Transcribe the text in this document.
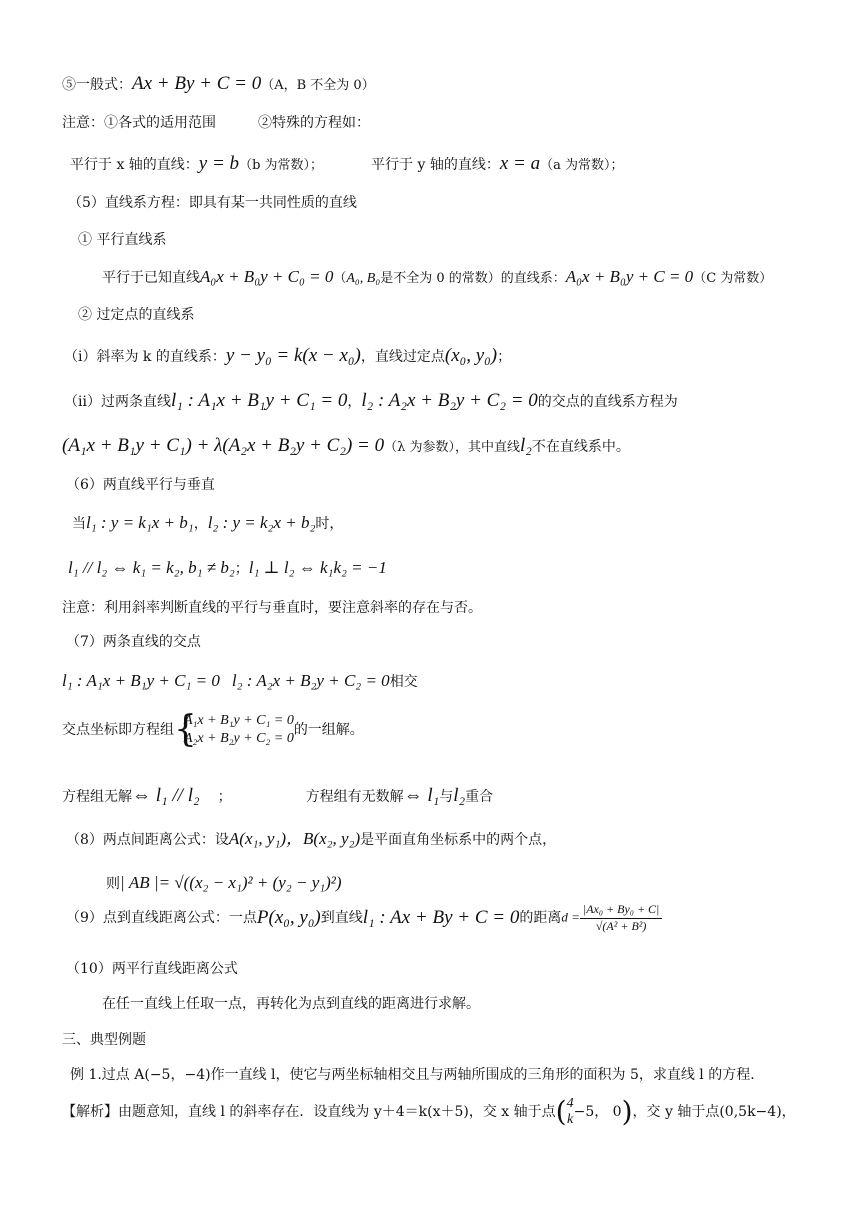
⑤一般式：Ax + By + C = 0（A，B 不全为 0）
注意：①各式的适用范围	②特殊的方程如：
平行于 x 轴的直线：y = b（b 为常数）；	平行于 y 轴的直线：x = a（a 为常数）；
（5）直线系方程：即具有某一共同性质的直线
① 平行直线系
平行于已知直线A₀x + B₀y + C₀ = 0（A₀, B₀是不全为 0 的常数）的直线系：A₀x + B₀y + C = 0（C 为常数）
② 过定点的直线系
（ⅰ）斜率为 k 的直线系：y − y₀ = k(x − x₀)，直线过定点(x₀, y₀)；
（ⅱ）过两条直线l₁ : A₁x + B₁y + C₁ = 0，l₂ : A₂x + B₂y + C₂ = 0的交点的直线系方程为
(A₁x + B₁y + C₁) + λ(A₂x + B₂y + C₂) = 0（λ 为参数），其中直线l₂不在直线系中。
（6）两直线平行与垂直
当l₁ : y = k₁x + b₁，l₂ : y = k₂x + b₂时，
l₁ // l₂ ⇔ k₁ = k₂, b₁ ≠ b₂；l₁ ⊥ l₂ ⇔ k₁k₂ = −1
注意：利用斜率判断直线的平行与垂直时，要注意斜率的存在与否。
（7）两条直线的交点
l₁ : A₁x + B₁y + C₁ = 0 l₂ : A₂x + B₂y + C₂ = 0相交
交点坐标即方程组 {
A₁x + B₁y + C₁ = 0
A₂x + B₂y + C₂ = 0
的一组解。
方程组无解⇔ l₁ // l₂ ；	方程组有无数解⇔ l₁与l₂重合
（8）两点间距离公式：设A(x₁, y₁)，B(x₂, y₂)是平面直角坐标系中的两个点，
则| AB |= √((x₂ − x₁)² + (y₂ − y₁)²)
（9）点到直线距离公式：一点P(x₀, y₀)到直线l₁ : Ax + By + C = 0的距离$d = \frac{\text{|Ax₀ + By₀ + C|}}{\text{√(A² + B²)}}$
（10）两平行直线距离公式
在任一直线上任取一点，再转化为点到直线的距离进行求解。
三、典型例题
例 1.过点 A(−5，−4)作一直线 l，使它与两坐标轴相交且与两轴所围成的三角形的面积为 5，求直线 l 的方程.
【解析】由题意知，直线 l 的斜率存在．设直线为 y＋4＝k(x＋5)，交 x 轴于点( 4
k −5， 0)，交 y 轴于点(0,5k−4)，
